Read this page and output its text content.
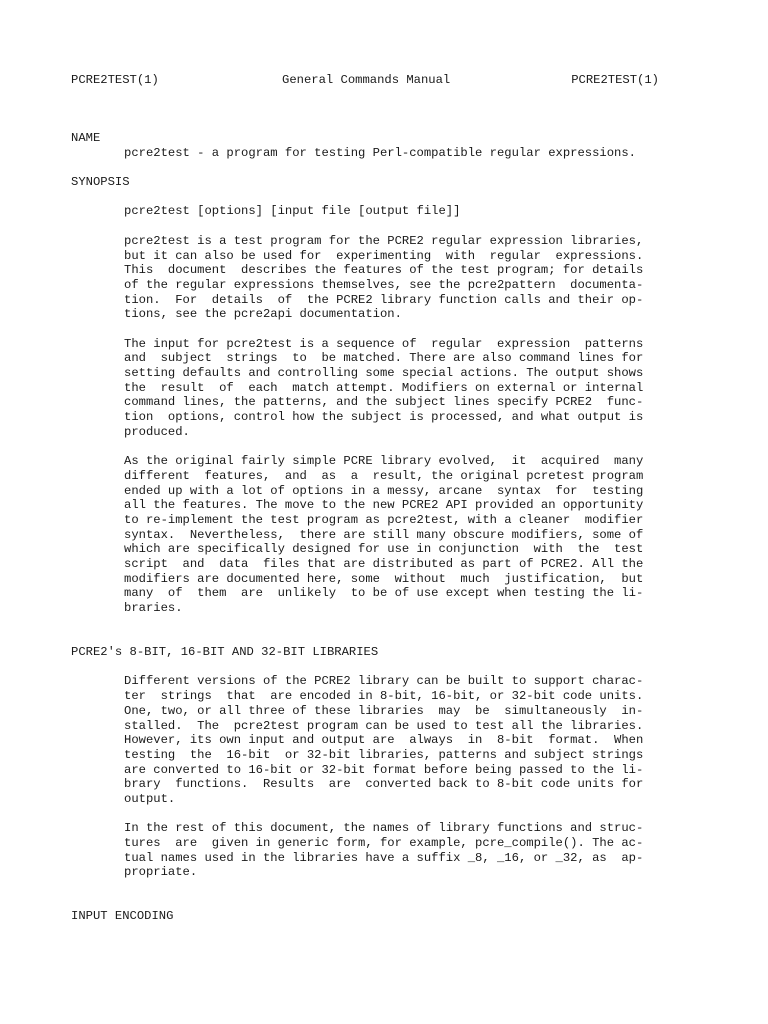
PCRE2TEST(1)	General Commands Manual	PCRE2TEST(1)
NAME
pcre2test - a program for testing Perl-compatible regular expressions.
SYNOPSIS
pcre2test [options] [input file [output file]]
pcre2test is a test program for the PCRE2 regular expression libraries,
but it can also be used for  experimenting  with  regular  expressions.
This  document  describes the features of the test program; for details
of the regular expressions themselves, see the pcre2pattern  documenta-
tion.  For  details  of  the PCRE2 library function calls and their op-
tions, see the pcre2api documentation.
The input for pcre2test is a sequence of  regular  expression  patterns
and  subject  strings  to  be matched. There are also command lines for
setting defaults and controlling some special actions. The output shows
the  result  of  each  match attempt. Modifiers on external or internal
command lines, the patterns, and the subject lines specify PCRE2  func-
tion  options, control how the subject is processed, and what output is
produced.
As the original fairly simple PCRE library evolved,  it  acquired  many
different  features,  and  as  a  result, the original pcretest program
ended up with a lot of options in a messy, arcane  syntax  for  testing
all the features. The move to the new PCRE2 API provided an opportunity
to re-implement the test program as pcre2test, with a cleaner  modifier
syntax.  Nevertheless,  there are still many obscure modifiers, some of
which are specifically designed for use in conjunction  with  the  test
script  and  data  files that are distributed as part of PCRE2. All the
modifiers are documented here, some  without  much  justification,  but
many  of  them  are  unlikely  to be of use except when testing the li-
braries.
PCRE2's 8-BIT, 16-BIT AND 32-BIT LIBRARIES
Different versions of the PCRE2 library can be built to support charac-
ter  strings  that  are encoded in 8-bit, 16-bit, or 32-bit code units.
One, two, or all three of these libraries  may  be  simultaneously  in-
stalled.  The  pcre2test program can be used to test all the libraries.
However, its own input and output are  always  in  8-bit  format.  When
testing  the  16-bit  or 32-bit libraries, patterns and subject strings
are converted to 16-bit or 32-bit format before being passed to the li-
brary  functions.  Results  are  converted back to 8-bit code units for
output.
In the rest of this document, the names of library functions and struc-
tures  are  given in generic form, for example, pcre_compile(). The ac-
tual names used in the libraries have a suffix _8, _16, or _32, as  ap-
propriate.
INPUT ENCODING
